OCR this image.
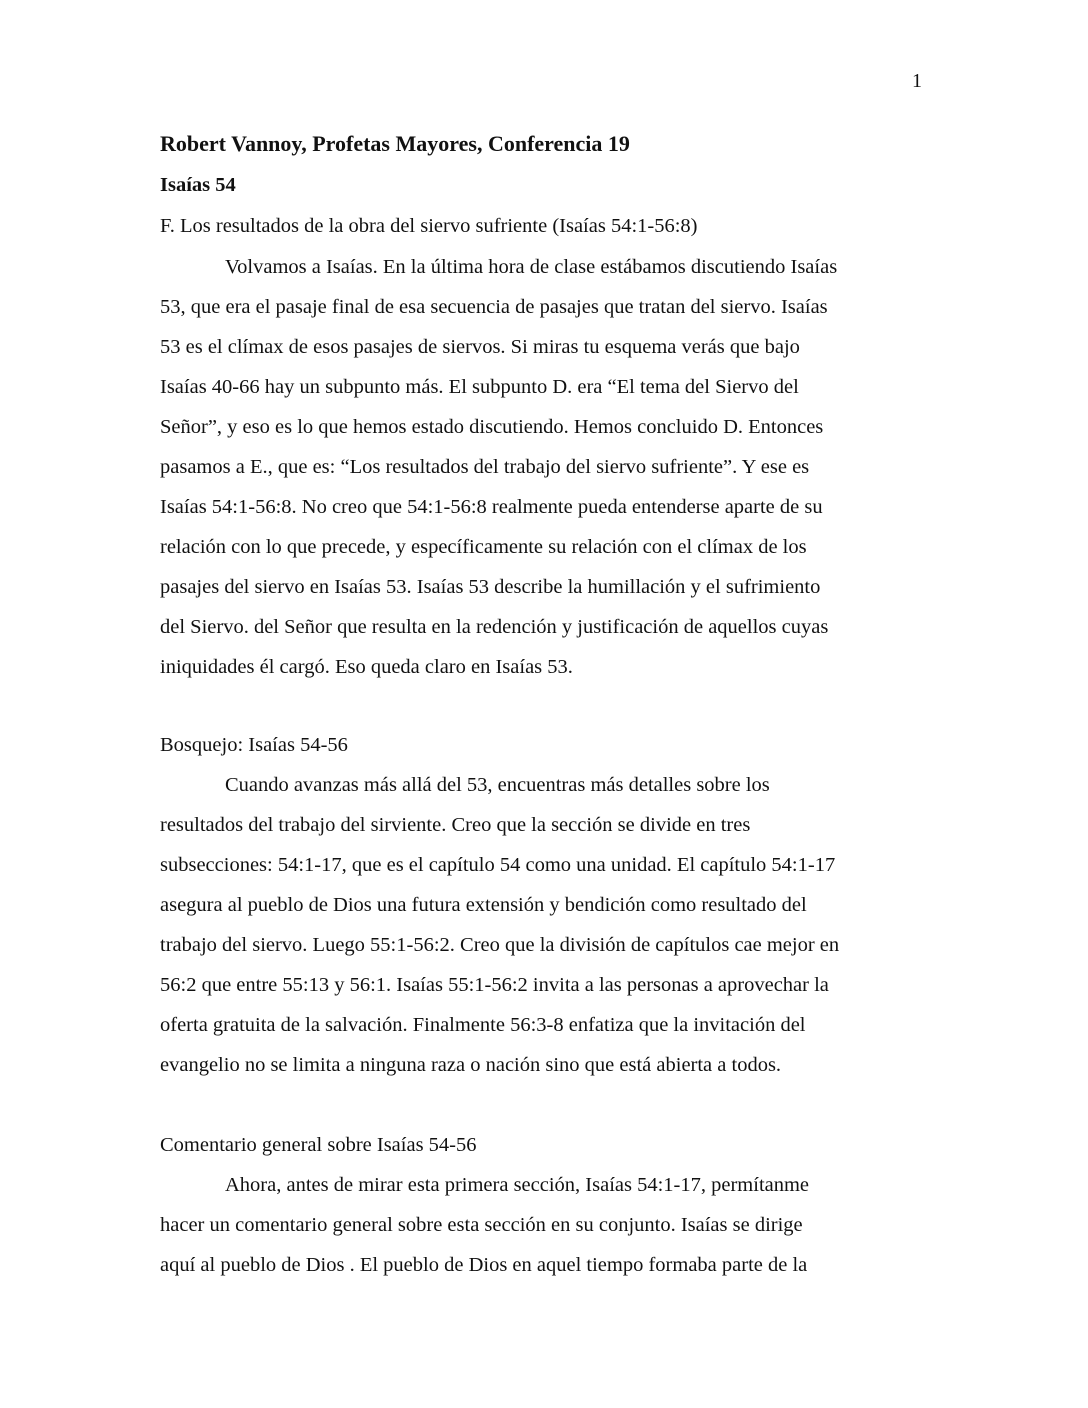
1
Robert Vannoy, Profetas Mayores, Conferencia 19
Isaías 54
F. Los resultados de la obra del siervo sufriente (Isaías 54:1-56:8)
Volvamos a Isaías. En la última hora de clase estábamos discutiendo Isaías
53, que era el pasaje final de esa secuencia de pasajes que tratan del siervo. Isaías
53 es el clímax de esos pasajes de siervos. Si miras tu esquema verás que bajo
Isaías 40-66 hay un subpunto más. El subpunto D. era “El tema del Siervo del
Señor”, y eso es lo que hemos estado discutiendo. Hemos concluido D. Entonces
pasamos a E., que es: “Los resultados del trabajo del siervo sufriente”. Y ese es
Isaías 54:1-56:8. No creo que 54:1-56:8 realmente pueda entenderse aparte de su
relación con lo que precede, y específicamente su relación con el clímax de los
pasajes del siervo en Isaías 53. Isaías 53 describe la humillación y el sufrimiento
del Siervo. del Señor que resulta en la redención y justificación de aquellos cuyas
iniquidades él cargó. Eso queda claro en Isaías 53.
Bosquejo: Isaías 54-56
Cuando avanzas más allá del 53, encuentras más detalles sobre los
resultados del trabajo del sirviente. Creo que la sección se divide en tres
subsecciones: 54:1-17, que es el capítulo 54 como una unidad. El capítulo 54:1-17
asegura al pueblo de Dios una futura extensión y bendición como resultado del
trabajo del siervo. Luego 55:1-56:2. Creo que la división de capítulos cae mejor en
56:2 que entre 55:13 y 56:1. Isaías 55:1-56:2 invita a las personas a aprovechar la
oferta gratuita de la salvación. Finalmente 56:3-8 enfatiza que la invitación del
evangelio no se limita a ninguna raza o nación sino que está abierta a todos.
Comentario general sobre Isaías 54-56
Ahora, antes de mirar esta primera sección, Isaías 54:1-17, permítanme
hacer un comentario general sobre esta sección en su conjunto. Isaías se dirige
aquí al pueblo de Dios . El pueblo de Dios en aquel tiempo formaba parte de la
